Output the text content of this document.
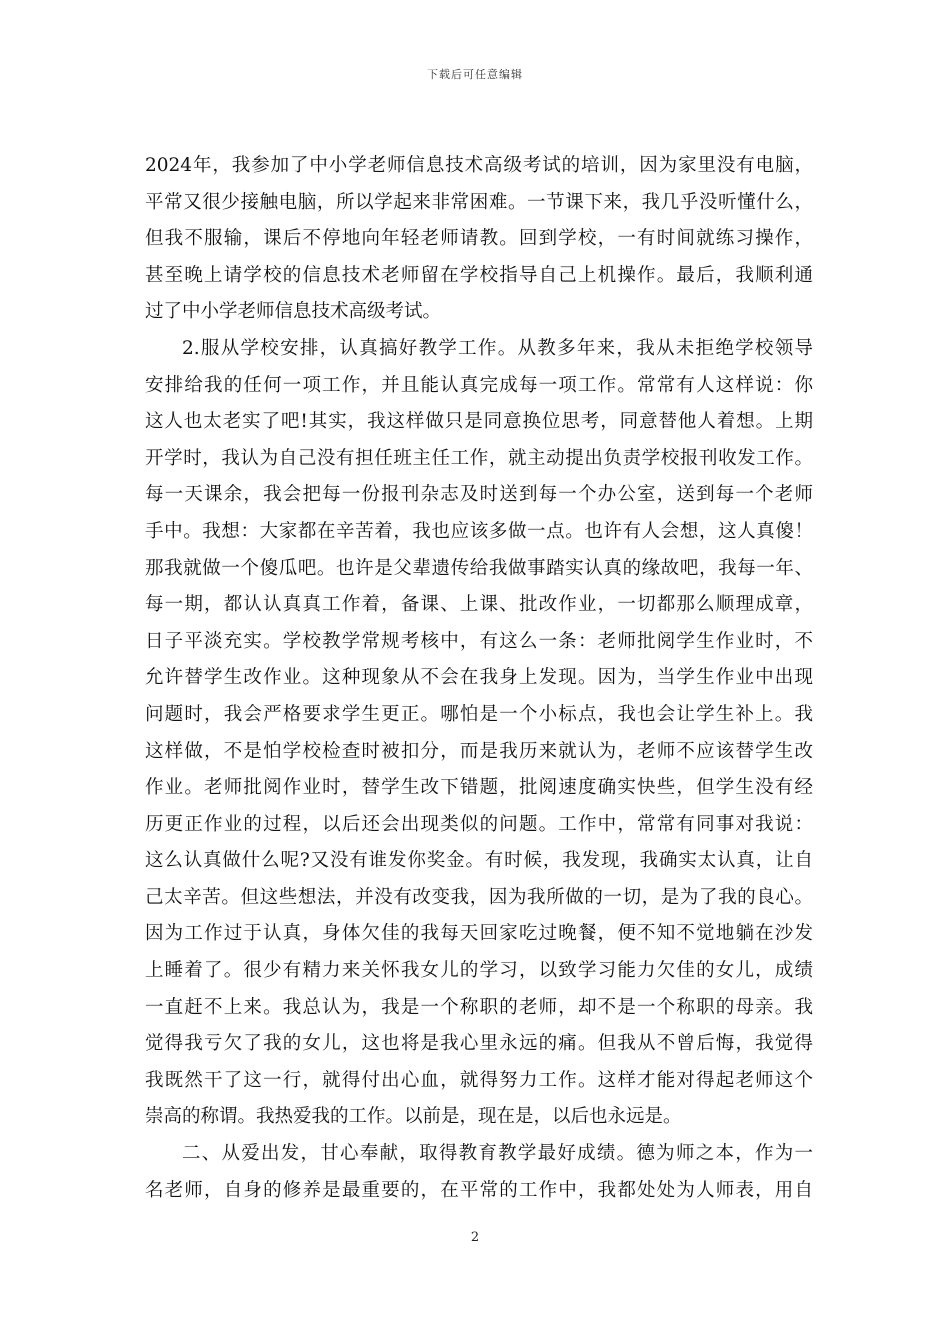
下载后可任意编辑
2024年，我参加了中小学老师信息技术高级考试的培训，因为家里没有电脑，
平常又很少接触电脑，所以学起来非常困难。一节课下来，我几乎没听懂什么，
但我不服输，课后不停地向年轻老师请教。回到学校，一有时间就练习操作，
甚至晚上请学校的信息技术老师留在学校指导自己上机操作。最后，我顺利通
过了中小学老师信息技术高级考试。
2.服从学校安排，认真搞好教学工作。从教多年来，我从未拒绝学校领导
安排给我的任何一项工作，并且能认真完成每一项工作。常常有人这样说：你
这人也太老实了吧!其实，我这样做只是同意换位思考，同意替他人着想。上期
开学时，我认为自己没有担任班主任工作，就主动提出负责学校报刊收发工作。
每一天课余，我会把每一份报刊杂志及时送到每一个办公室，送到每一个老师
手中。我想：大家都在辛苦着，我也应该多做一点。也许有人会想，这人真傻！
那我就做一个傻瓜吧。也许是父辈遗传给我做事踏实认真的缘故吧，我每一年、
每一期，都认认真真工作着，备课、上课、批改作业，一切都那么顺理成章，
日子平淡充实。学校教学常规考核中，有这么一条：老师批阅学生作业时，不
允许替学生改作业。这种现象从不会在我身上发现。因为，当学生作业中出现
问题时，我会严格要求学生更正。哪怕是一个小标点，我也会让学生补上。我
这样做，不是怕学校检查时被扣分，而是我历来就认为，老师不应该替学生改
作业。老师批阅作业时，替学生改下错题，批阅速度确实快些，但学生没有经
历更正作业的过程，以后还会出现类似的问题。工作中，常常有同事对我说：
这么认真做什么呢?又没有谁发你奖金。有时候，我发现，我确实太认真，让自
己太辛苦。但这些想法，并没有改变我，因为我所做的一切，是为了我的良心。
因为工作过于认真，身体欠佳的我每天回家吃过晚餐，便不知不觉地躺在沙发
上睡着了。很少有精力来关怀我女儿的学习，以致学习能力欠佳的女儿，成绩
一直赶不上来。我总认为，我是一个称职的老师，却不是一个称职的母亲。我
觉得我亏欠了我的女儿，这也将是我心里永远的痛。但我从不曾后悔，我觉得
我既然干了这一行，就得付出心血，就得努力工作。这样才能对得起老师这个
崇高的称谓。我热爱我的工作。以前是，现在是，以后也永远是。
二、从爱出发，甘心奉献，取得教育教学最好成绩。德为师之本，作为一
名老师，自身的修养是最重要的，在平常的工作中，我都处处为人师表，用自
2
